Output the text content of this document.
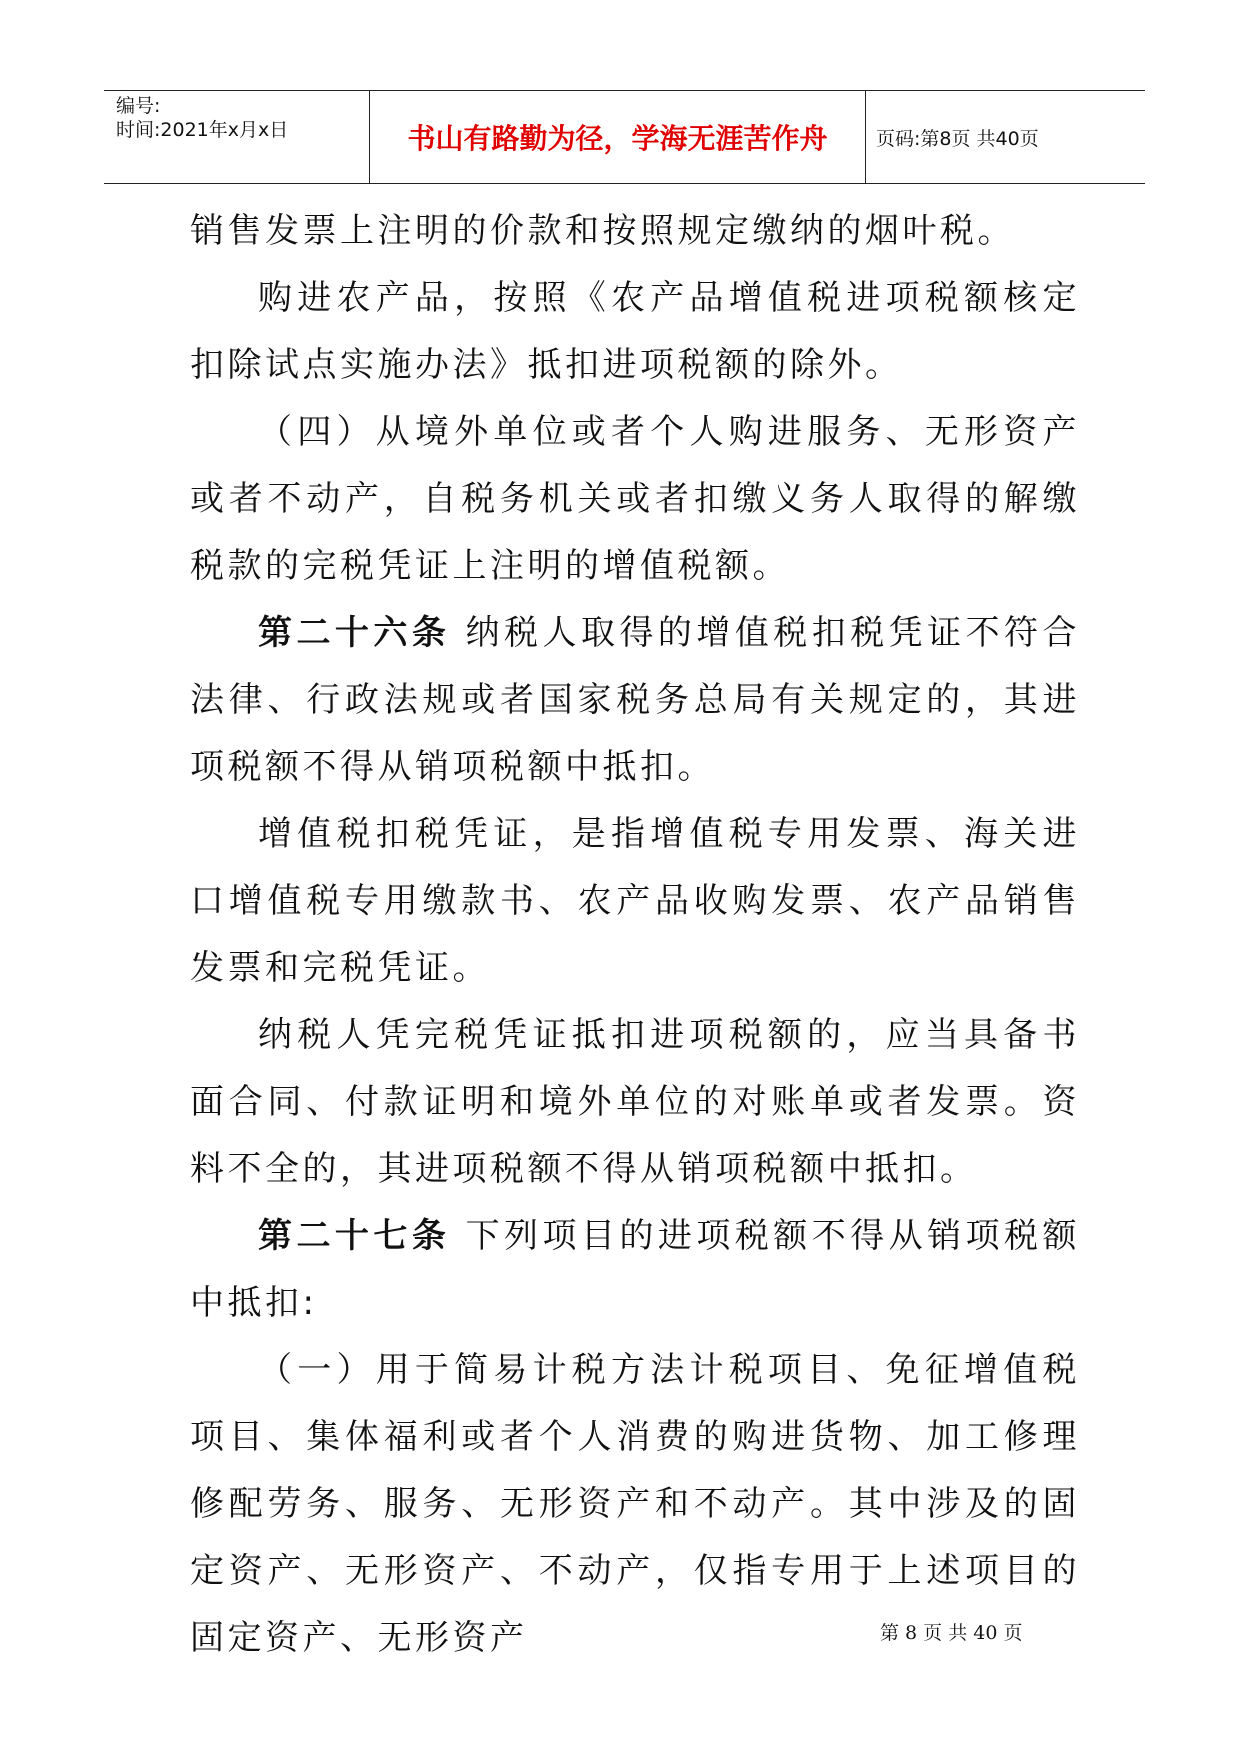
编号:
时间:2021年x月x日	书山有路勤为径，学海无涯苦作舟	页码:第8页 共40页

销售发票上注明的价款和按照规定缴纳的烟叶税。

购进农产品，按照《农产品增值税进项税额核定扣除试点实施办法》抵扣进项税额的除外。

（四）从境外单位或者个人购进服务、无形资产或者不动产，自税务机关或者扣缴义务人取得的解缴税款的完税凭证上注明的增值税额。

第二十六条 纳税人取得的增值税扣税凭证不符合法律、行政法规或者国家税务总局有关规定的，其进项税额不得从销项税额中抵扣。

增值税扣税凭证，是指增值税专用发票、海关进口增值税专用缴款书、农产品收购发票、农产品销售发票和完税凭证。

纳税人凭完税凭证抵扣进项税额的，应当具备书面合同、付款证明和境外单位的对账单或者发票。资料不全的，其进项税额不得从销项税额中抵扣。

第二十七条 下列项目的进项税额不得从销项税额中抵扣:

（一）用于简易计税方法计税项目、免征增值税项目、集体福利或者个人消费的购进货物、加工修理修配劳务、服务、无形资产和不动产。其中涉及的固定资产、无形资产、不动产，仅指专用于上述项目的固定资产、无形资产	第 8 页 共 40 页
